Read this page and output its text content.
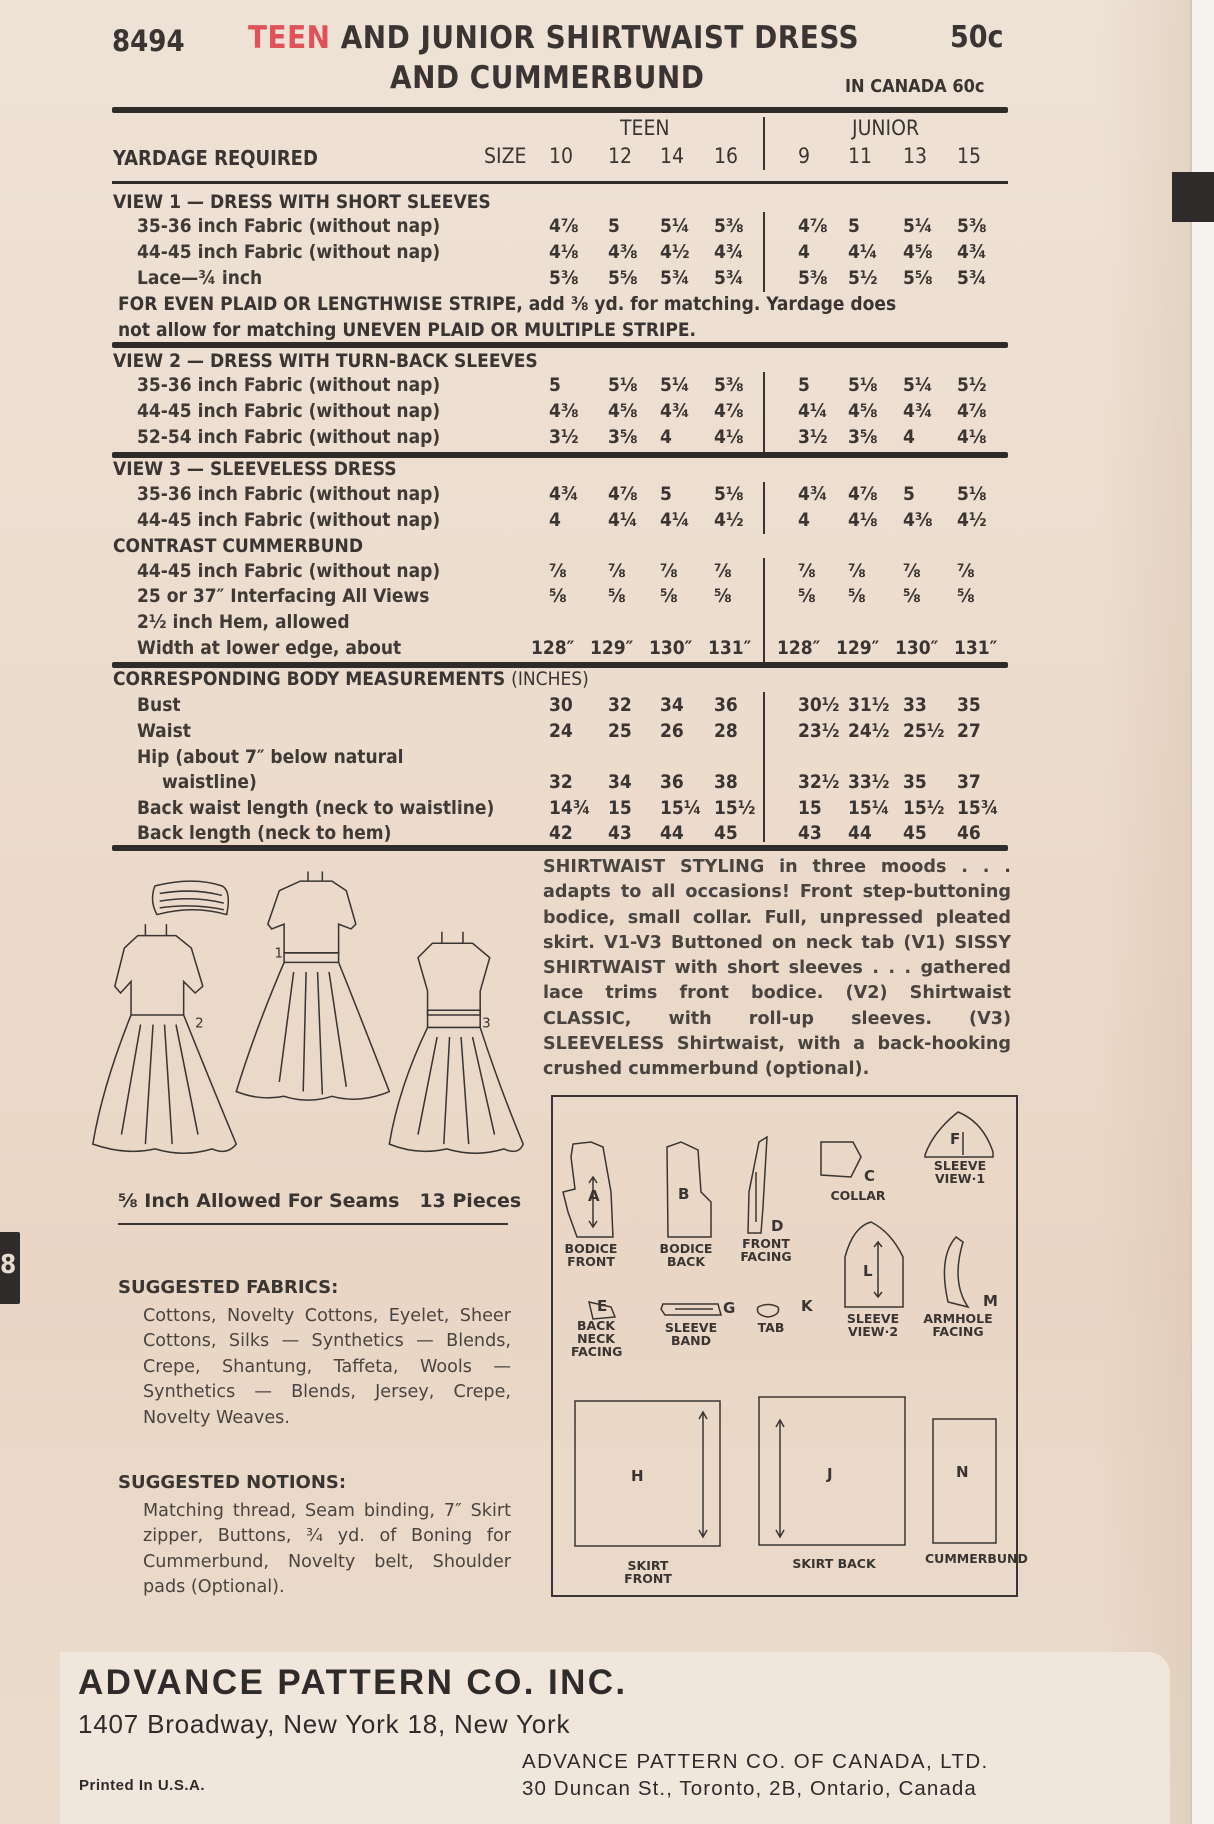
8
8494 TEEN AND JUNIOR SHIRTWAIST DRESS
AND CUMMERBUND
50c
IN CANADA 60c
TEEN	JUNIOR
YARDAGE REQUIRED	SIZE 10 12 14 16	9 11 13 15
VIEW 1 — DRESS WITH SHORT SLEEVES
35-36 inch Fabric (without nap)	4⅞ 5 5¼ 5⅜	4⅞ 5 5¼ 5⅜
44-45 inch Fabric (without nap)	4⅛ 4⅜ 4½ 4¾	4 4¼ 4⅝ 4¾
Lace—¾ inch	5⅜ 5⅝ 5¾ 5¾	5⅜ 5½ 5⅝ 5¾
FOR EVEN PLAID OR LENGTHWISE STRIPE, add ⅜ yd. for matching. Yardage does
not allow for matching UNEVEN PLAID OR MULTIPLE STRIPE.
VIEW 2 — DRESS WITH TURN-BACK SLEEVES
35-36 inch Fabric (without nap)	5 5⅛ 5¼ 5⅜	5 5⅛ 5¼ 5½
44-45 inch Fabric (without nap)	4⅜ 4⅝ 4¾ 4⅞	4¼ 4⅝ 4¾ 4⅞
52-54 inch Fabric (without nap)	3½ 3⅝ 4 4⅛	3½ 3⅝ 4 4⅛
VIEW 3 — SLEEVELESS DRESS
35-36 inch Fabric (without nap)	4¾ 4⅞ 5 5⅛	4¾ 4⅞ 5 5⅛
44-45 inch Fabric (without nap)	4 4¼ 4¼ 4½	4 4⅛ 4⅜ 4½
CONTRAST CUMMERBUND
44-45 inch Fabric (without nap)	⅞ ⅞ ⅞ ⅞	⅞ ⅞ ⅞ ⅞
25 or 37″ Interfacing All Views	⅝ ⅝ ⅝ ⅝	⅝ ⅝ ⅝ ⅝
2½ inch Hem, allowed
Width at lower edge, about	128″ 129″ 130″ 131″ 128″ 129″ 130″ 131″
CORRESPONDING BODY MEASUREMENTS (INCHES)
Bust	30 32 34 36	30½ 31½ 33 35
Waist	24 25 26 28	23½ 24½ 25½ 27
Hip (about 7″ below natural
waistline)	32 34 36 38	32½ 33½ 35 37
Back waist length (neck to waistline)	14¾ 15 15¼ 15½ 15 15¼ 15½ 15¾
Back length (neck to hem)	42 43 44 45	43 44 45 46
SHIRTWAIST STYLING in three moods . . . adapts to all occasions! Front step-buttoning bodice, small collar. Full, unpressed pleated skirt. V1-V3 Buttoned on neck tab (V1) SISSY SHIRTWAIST with short sleeves . . . gathered lace trims front bodice. (V2) Shirtwaist CLASSIC, with roll-up sleeves. (V3) SLEEVELESS Shirtwaist, with a back-hooking crushed cummerbund (optional).
1
2	3
⅝ Inch Allowed For Seams 13 Pieces
SUGGESTED FABRICS:
Cottons, Novelty Cottons, Eyelet, Sheer Cottons, Silks — Synthetics — Blends, Crepe, Shantung, Taffeta, Wools — Synthetics — Blends, Jersey, Crepe, Novelty Weaves.
SUGGESTED NOTIONS:
Matching thread, Seam binding, 7″ Skirt zipper, Buttons, ¾ yd. of Boning for Cummerbund, Novelty belt, Shoulder pads (Optional).
A	B
C
D
E
F
G
H	J
K
L
M
N
BODICE FRONT
BODICE BACK
COLLAR
FRONT FACING
BACK NECK FACING
SLEEVE VIEW·1
SLEEVE BAND
SKIRT FRONT
SKIRT BACK
TAB
SLEEVE VIEW·2
ARMHOLE FACING
CUMMERBUND
ADVANCE PATTERN CO. INC.
1407 Broadway, New York 18, New York
Printed In U.S.A.
ADVANCE PATTERN CO. OF CANADA, LTD.
30 Duncan St., Toronto, 2B, Ontario, Canada
